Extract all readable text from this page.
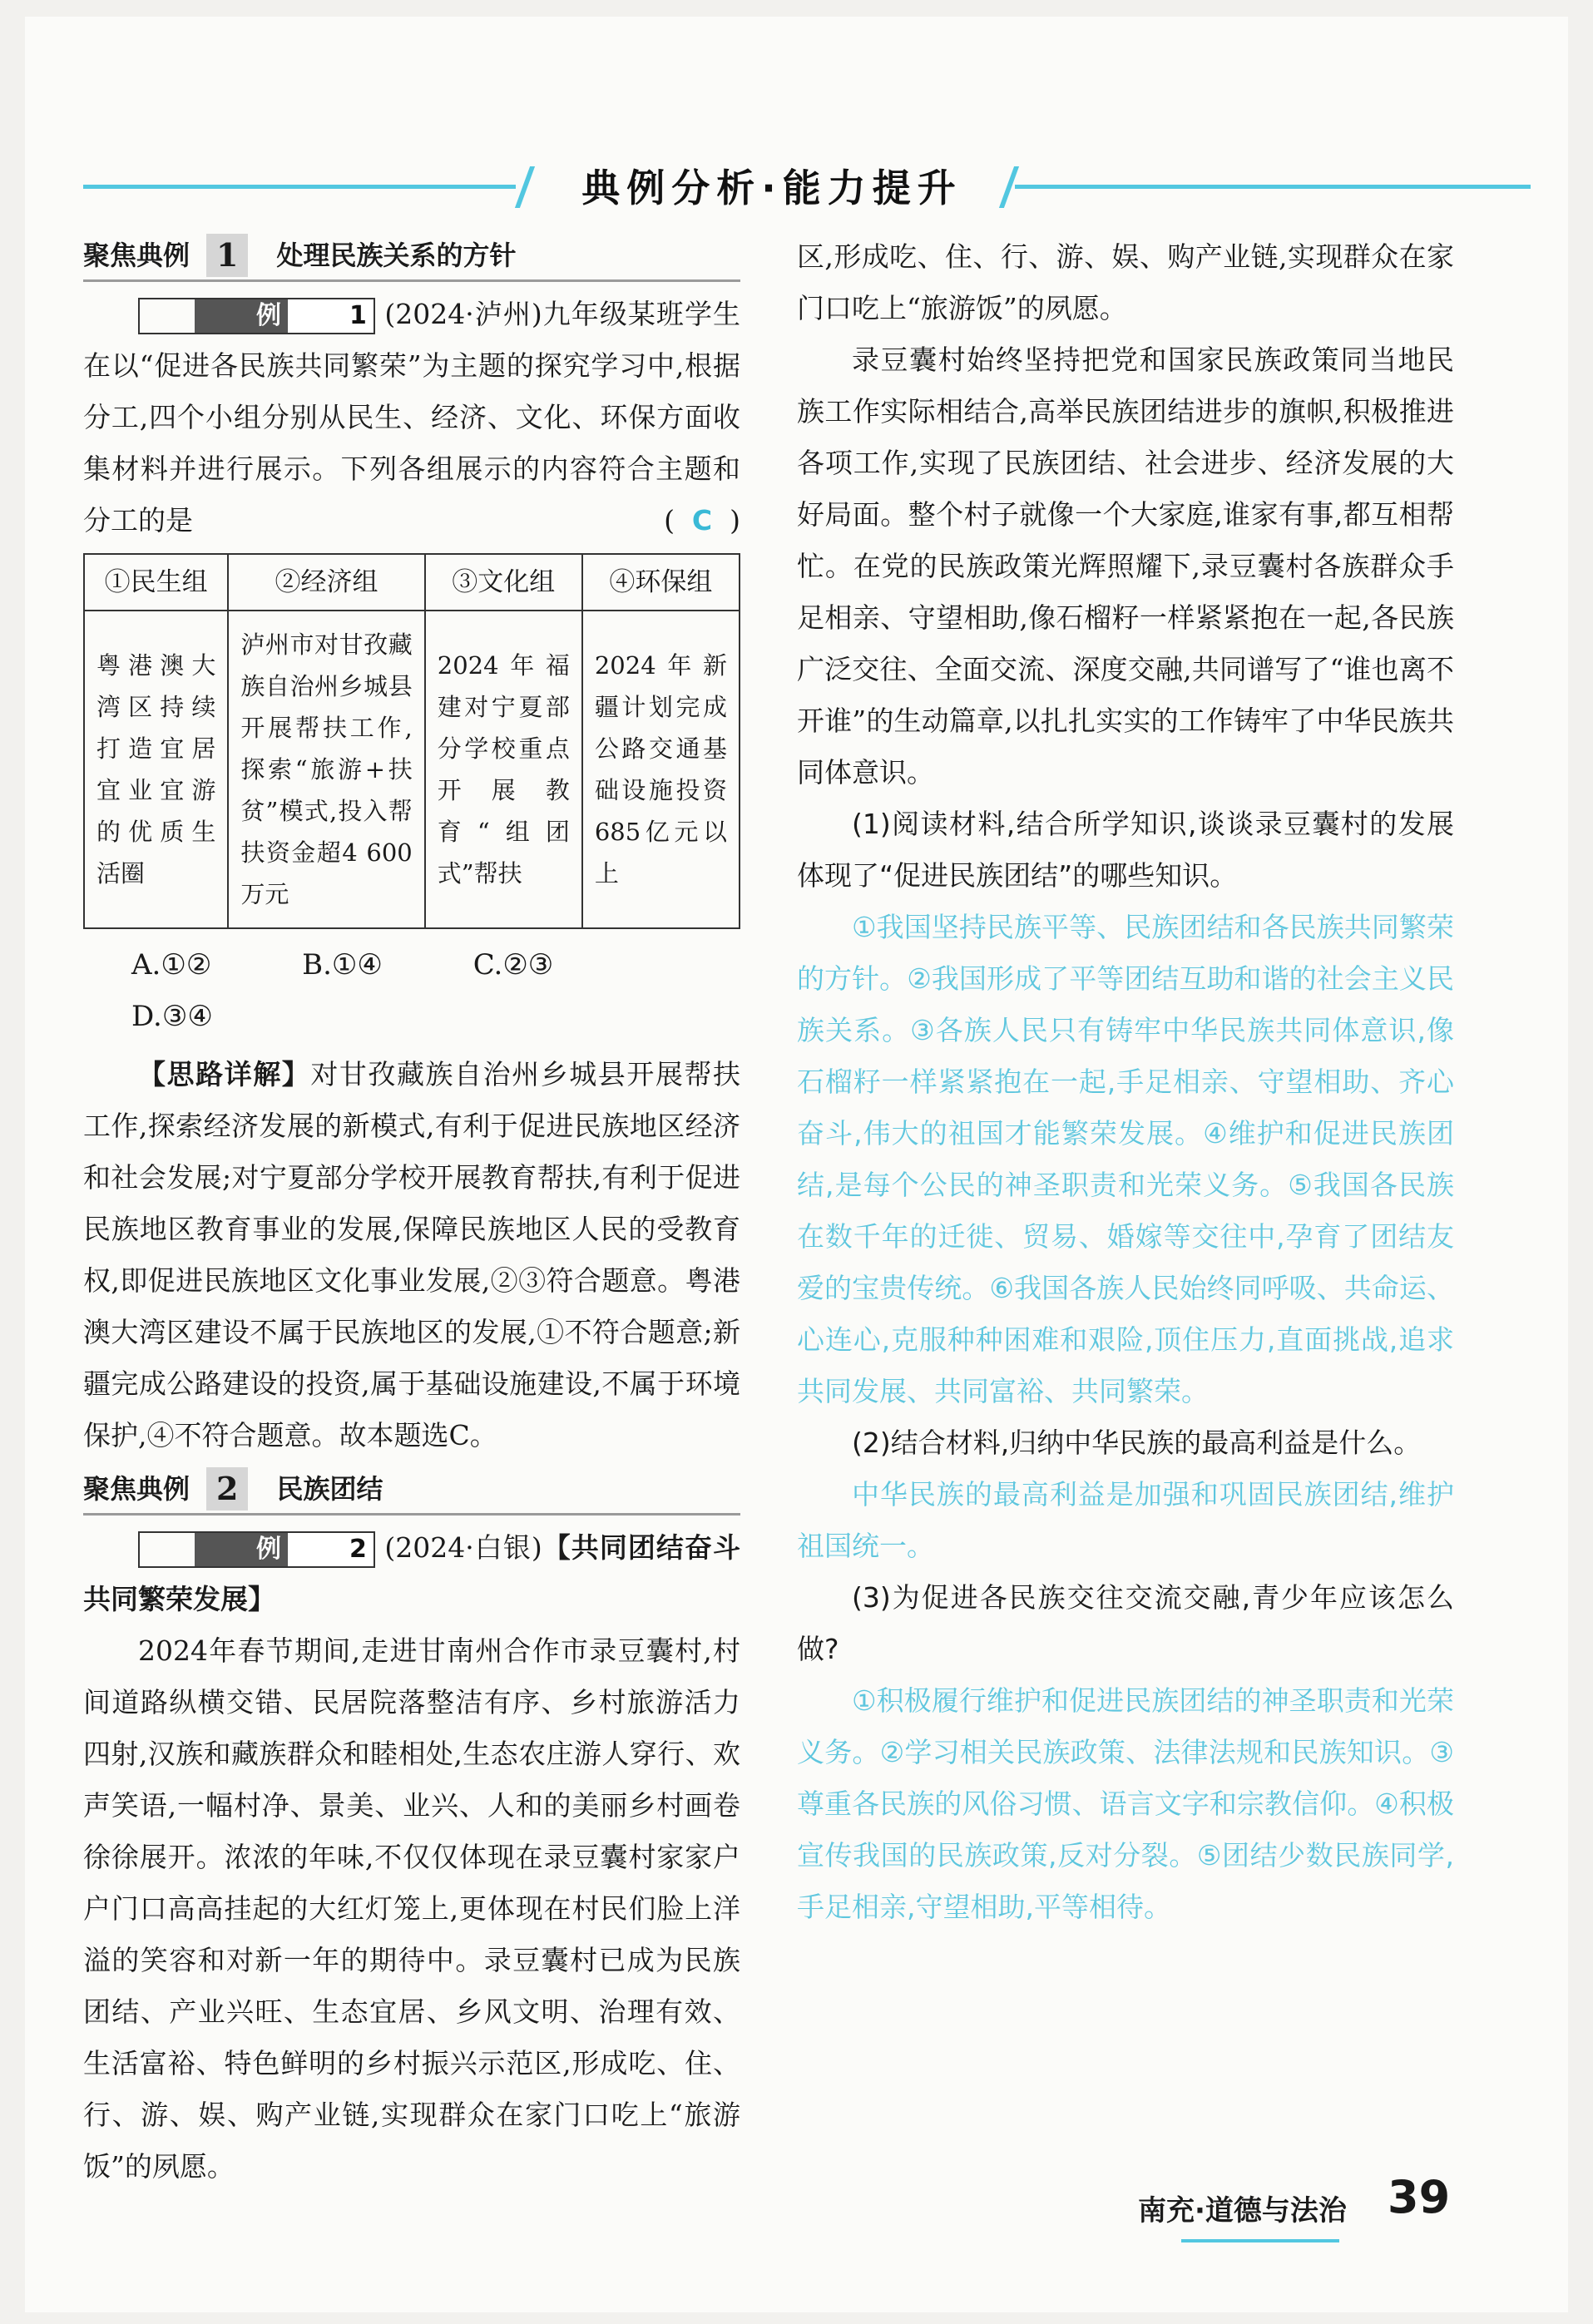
典例分析·能力提升
聚焦典例 1	处理民族关系的方针

例	1 (2024·泸州)九年级某班学生在以“促进各民族共同繁荣”为主题的探究学习中,根据分工,四个小组分别从民生、经济、文化、环保方面收集材料并进行展示。下列各组展示的内容符合主题和分工的是	( C )

①民生组	②经济组	③文化组	④环保组
粤港澳大湾区持续打造宜居宜业宜游的优质生活圈	泸州市对甘孜藏族自治州乡城县开展帮扶工作,探索“旅游+扶贫”模式,投入帮扶资金超4 600万元	2024年福建对宁夏部分学校重点开展教育“组团式”帮扶	2024年新疆计划完成公路交通基础设施投资685亿元以上
A.①②	B.①④	C.②③ D.③④

【思路详解】对甘孜藏族自治州乡城县开展帮扶工作,探索经济发展的新模式,有利于促进民族地区经济和社会发展;对宁夏部分学校开展教育帮扶,有利于促进民族地区教育事业的发展,保障民族地区人民的受教育权,即促进民族地区文化事业发展,②③符合题意。粤港澳大湾区建设不属于民族地区的发展,①不符合题意;新疆完成公路建设的投资,属于基础设施建设,不属于环境保护,④不符合题意。故本题选C。

聚焦典例 2	民族团结

例	2 (2024·白银)【共同团结奋斗 共同繁荣发展】

2024年春节期间,走进甘南州合作市录豆囊村,村间道路纵横交错、民居院落整洁有序、乡村旅游活力四射,汉族和藏族群众和睦相处,生态农庄游人穿行、欢声笑语,一幅村净、景美、业兴、人和的美丽乡村画卷徐徐展开。浓浓的年味,不仅仅体现在录豆囊村家家户户门口高高挂起的大红灯笼上,更体现在村民们脸上洋溢的笑容和对新一年的期待中。录豆囊村已成为民族团结、产业兴旺、生态宜居、乡风文明、治理有效、生活富裕、特色鲜明的乡村振兴示范区,形成吃、住、行、游、娱、购产业链,实现群众在家门口吃上“旅游饭”的夙愿。

区,形成吃、住、行、游、娱、购产业链,实现群众在家门口吃上“旅游饭”的夙愿。

录豆囊村始终坚持把党和国家民族政策同当地民族工作实际相结合,高举民族团结进步的旗帜,积极推进各项工作,实现了民族团结、社会进步、经济发展的大好局面。整个村子就像一个大家庭,谁家有事,都互相帮忙。在党的民族政策光辉照耀下,录豆囊村各族群众手足相亲、守望相助,像石榴籽一样紧紧抱在一起,各民族广泛交往、全面交流、深度交融,共同谱写了“谁也离不开谁”的生动篇章,以扎扎实实的工作铸牢了中华民族共同体意识。

(1)阅读材料,结合所学知识,谈谈录豆囊村的发展体现了“促进民族团结”的哪些知识。

①我国坚持民族平等、民族团结和各民族共同繁荣的方针。②我国形成了平等团结互助和谐的社会主义民族关系。③各族人民只有铸牢中华民族共同体意识,像石榴籽一样紧紧抱在一起,手足相亲、守望相助、齐心奋斗,伟大的祖国才能繁荣发展。④维护和促进民族团结,是每个公民的神圣职责和光荣义务。⑤我国各民族在数千年的迁徙、贸易、婚嫁等交往中,孕育了团结友爱的宝贵传统。⑥我国各族人民始终同呼吸、共命运、心连心,克服种种困难和艰险,顶住压力,直面挑战,追求共同发展、共同富裕、共同繁荣。

(2)结合材料,归纳中华民族的最高利益是什么。

中华民族的最高利益是加强和巩固民族团结,维护祖国统一。

(3)为促进各民族交往交流交融,青少年应该怎么做?

①积极履行维护和促进民族团结的神圣职责和光荣义务。②学习相关民族政策、法律法规和民族知识。③尊重各民族的风俗习惯、语言文字和宗教信仰。④积极宣传我国的民族政策,反对分裂。⑤团结少数民族同学,手足相亲,守望相助,平等相待。

南充·道德与法治 39
